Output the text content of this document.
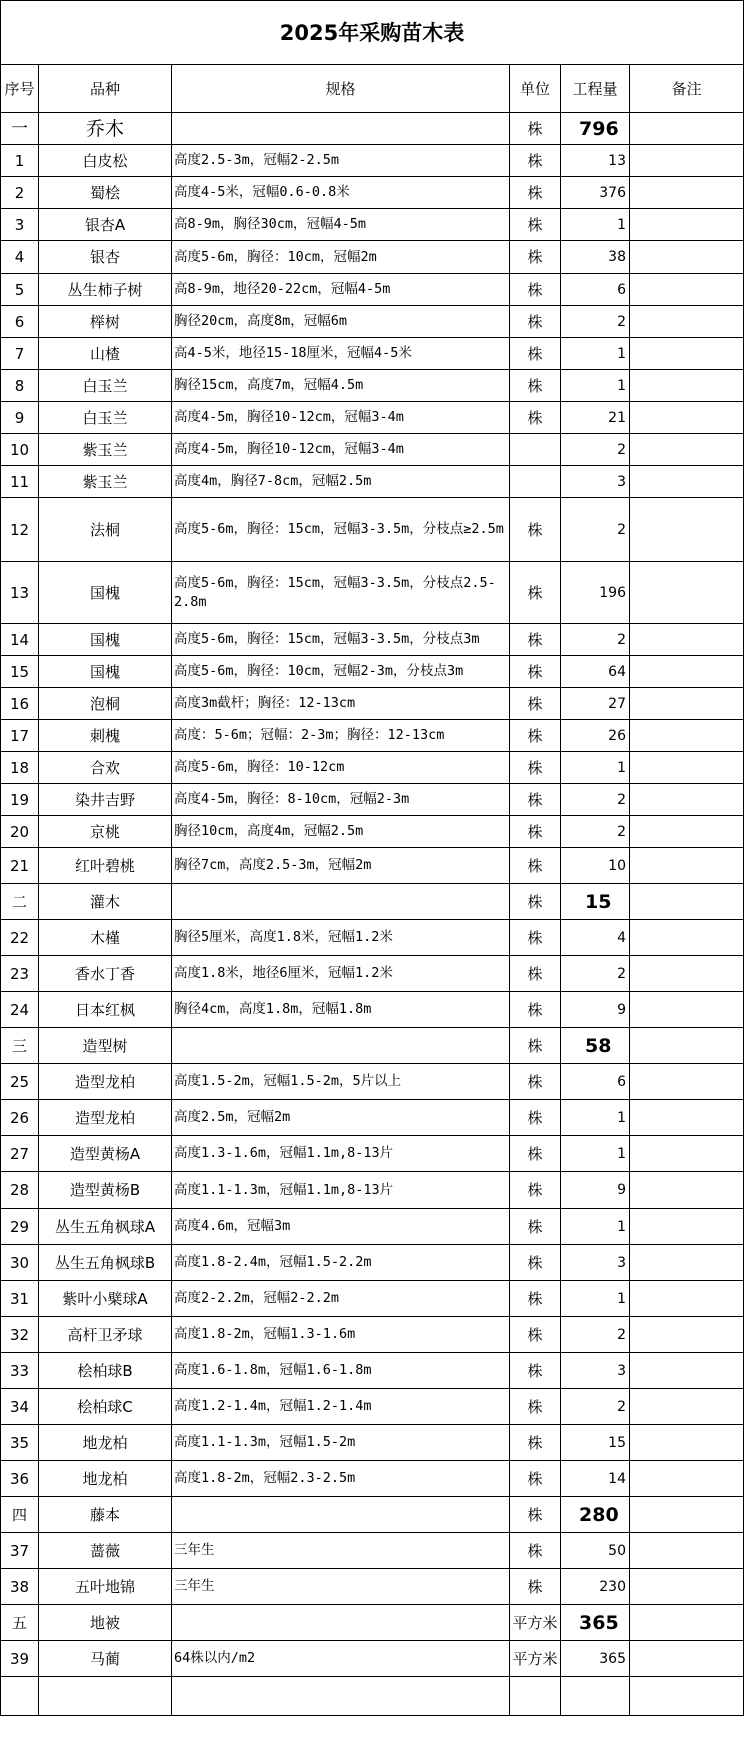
2025年采购苗木表					
序号	品种	规格	单位	工程量	备注
一	乔木		株	796	
1	白皮松	高度2.5-3m，冠幅2-2.5m	株	13	
2	蜀桧	高度4-5米，冠幅0.6-0.8米	株	376	
3	银杏A	高8-9m，胸径30cm，冠幅4-5m	株	1	
4	银杏	高度5-6m，胸径：10cm，冠幅2m	株	38	
5	丛生柿子树	高8-9m，地径20-22cm，冠幅4-5m	株	6	
6	榉树	胸径20cm，高度8m，冠幅6m	株	2	
7	山楂	高4-5米，地径15-18厘米，冠幅4-5米	株	1	
8	白玉兰	胸径15cm，高度7m，冠幅4.5m	株	1	
9	白玉兰	高度4-5m，胸径10-12cm，冠幅3-4m	株	21	
10	紫玉兰	高度4-5m，胸径10-12cm，冠幅3-4m		2	
11	紫玉兰	高度4m，胸径7-8cm，冠幅2.5m		3	
12	法桐	高度5-6m，胸径：15cm，冠幅3-3.5m，分枝点≥2.5m	株	2	
13	国槐	高度5-6m，胸径：15cm，冠幅3-3.5m，分枝点2.5-2.8m	株	196	
14	国槐	高度5-6m，胸径：15cm，冠幅3-3.5m，分枝点3m	株	2	
15	国槐	高度5-6m，胸径：10cm，冠幅2-3m，分枝点3m	株	64	
16	泡桐	高度3m截杆；胸径：12-13cm	株	27	
17	刺槐	高度：5-6m；冠幅：2-3m；胸径：12-13cm	株	26	
18	合欢	高度5-6m，胸径：10-12cm	株	1	
19	染井吉野	高度4-5m，胸径：8-10cm，冠幅2-3m	株	2	
20	京桃	胸径10cm，高度4m，冠幅2.5m	株	2	
21	红叶碧桃	胸径7cm，高度2.5-3m，冠幅2m	株	10	
二	灌木		株	15	
22	木槿	胸径5厘米，高度1.8米，冠幅1.2米	株	4	
23	香水丁香	高度1.8米，地径6厘米，冠幅1.2米	株	2	
24	日本红枫	胸径4cm，高度1.8m，冠幅1.8m	株	9	
三	造型树		株	58	
25	造型龙柏	高度1.5-2m，冠幅1.5-2m，5片以上	株	6	
26	造型龙柏	高度2.5m，冠幅2m	株	1	
27	造型黄杨A	高度1.3-1.6m，冠幅1.1m,8-13片	株	1	
28	造型黄杨B	高度1.1-1.3m，冠幅1.1m,8-13片	株	9	
29	丛生五角枫球A	高度4.6m，冠幅3m	株	1	
30	丛生五角枫球B	高度1.8-2.4m，冠幅1.5-2.2m	株	3	
31	紫叶小檗球A	高度2-2.2m，冠幅2-2.2m	株	1	
32	高杆卫矛球	高度1.8-2m，冠幅1.3-1.6m	株	2	
33	桧柏球B	高度1.6-1.8m，冠幅1.6-1.8m	株	3	
34	桧柏球C	高度1.2-1.4m，冠幅1.2-1.4m	株	2	
35	地龙柏	高度1.1-1.3m，冠幅1.5-2m	株	15	
36	地龙柏	高度1.8-2m，冠幅2.3-2.5m	株	14	
四	藤本		株	280	
37	蔷薇	三年生	株	50	
38	五叶地锦	三年生	株	230	
五	地被		平方米	365	
39	马蔺	64株以内/m2	平方米	365	
